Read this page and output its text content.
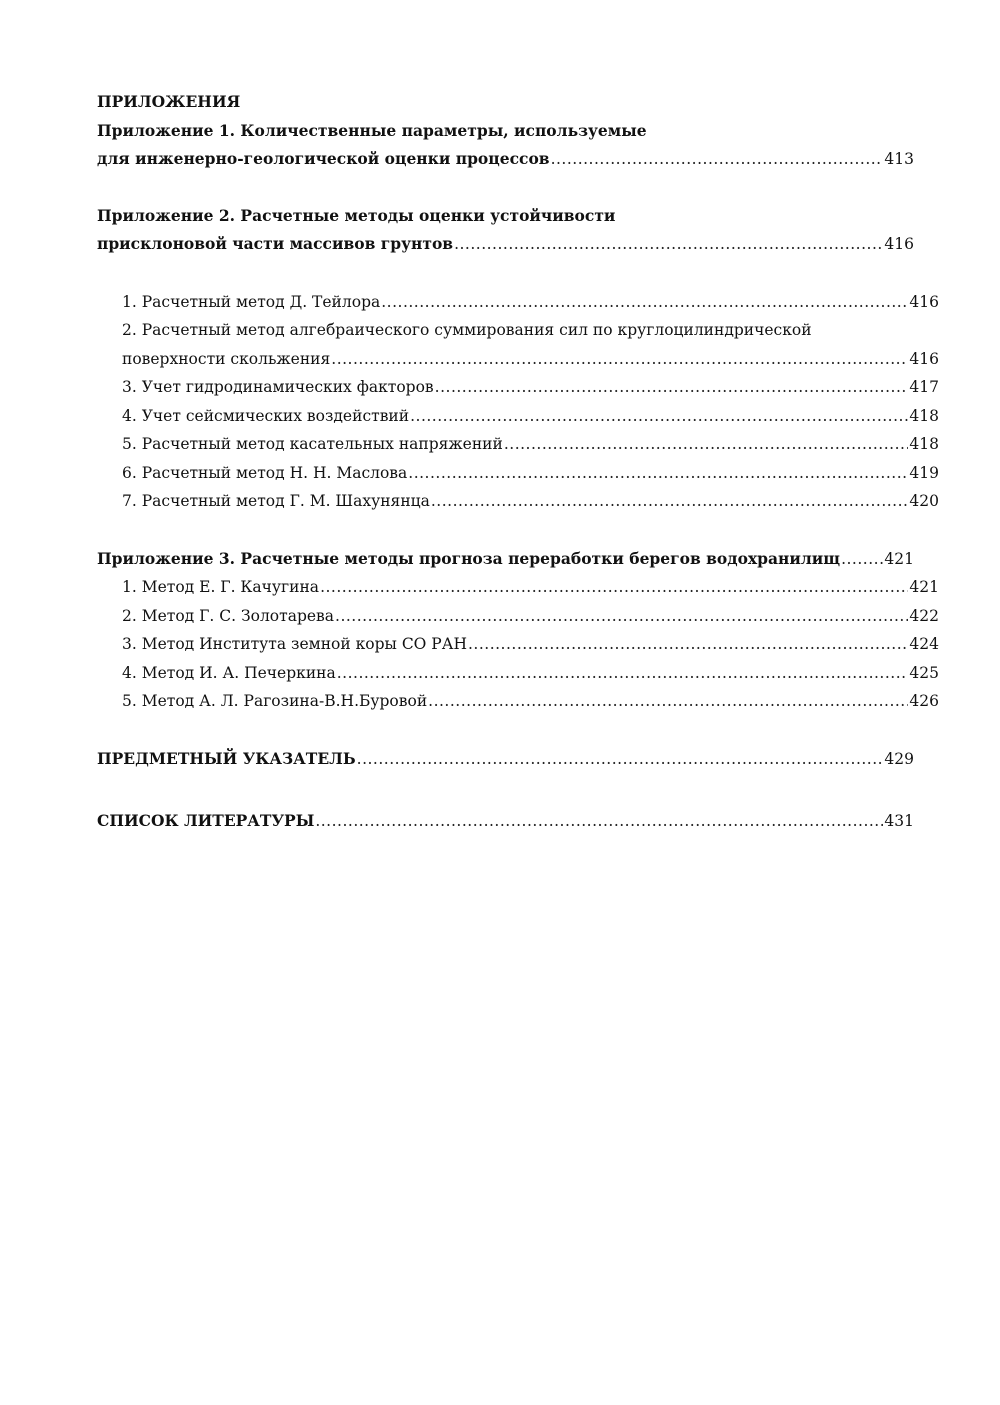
ПРИЛОЖЕНИЯ
Приложение 1. Количественные параметры, используемые
для инженерно-геологической оценки процессов .....	413
Приложение 2. Расчетные методы оценки устойчивости
присклоновой части массивов грунтов .....	416
1. Расчетный метод Д. Тейлора .....	416
2. Расчетный метод алгебраического суммирования сил по круглоцилиндрической
поверхности скольжения .....	416
3. Учет гидродинамических факторов .....	417
4. Учет сейсмических воздействий .....	418
5. Расчетный метод касательных напряжений .....	418
6. Расчетный метод Н. Н. Маслова .....	419
7. Расчетный метод Г. М. Шахунянца .....	420
Приложение 3. Расчетные методы прогноза переработки берегов водохранилищ .....	421
1. Метод Е. Г. Качугина .....	421
2. Метод Г. С. Золотарева .....	422
3. Метод Института земной коры СО РАН .....	424
4. Метод И. А. Печеркина .....	425
5. Метод А. Л. Рагозина-В.Н.Буровой .....	426
ПРЕДМЕТНЫЙ УКАЗАТЕЛЬ .....	429
СПИСОК ЛИТЕРАТУРЫ .....	431
